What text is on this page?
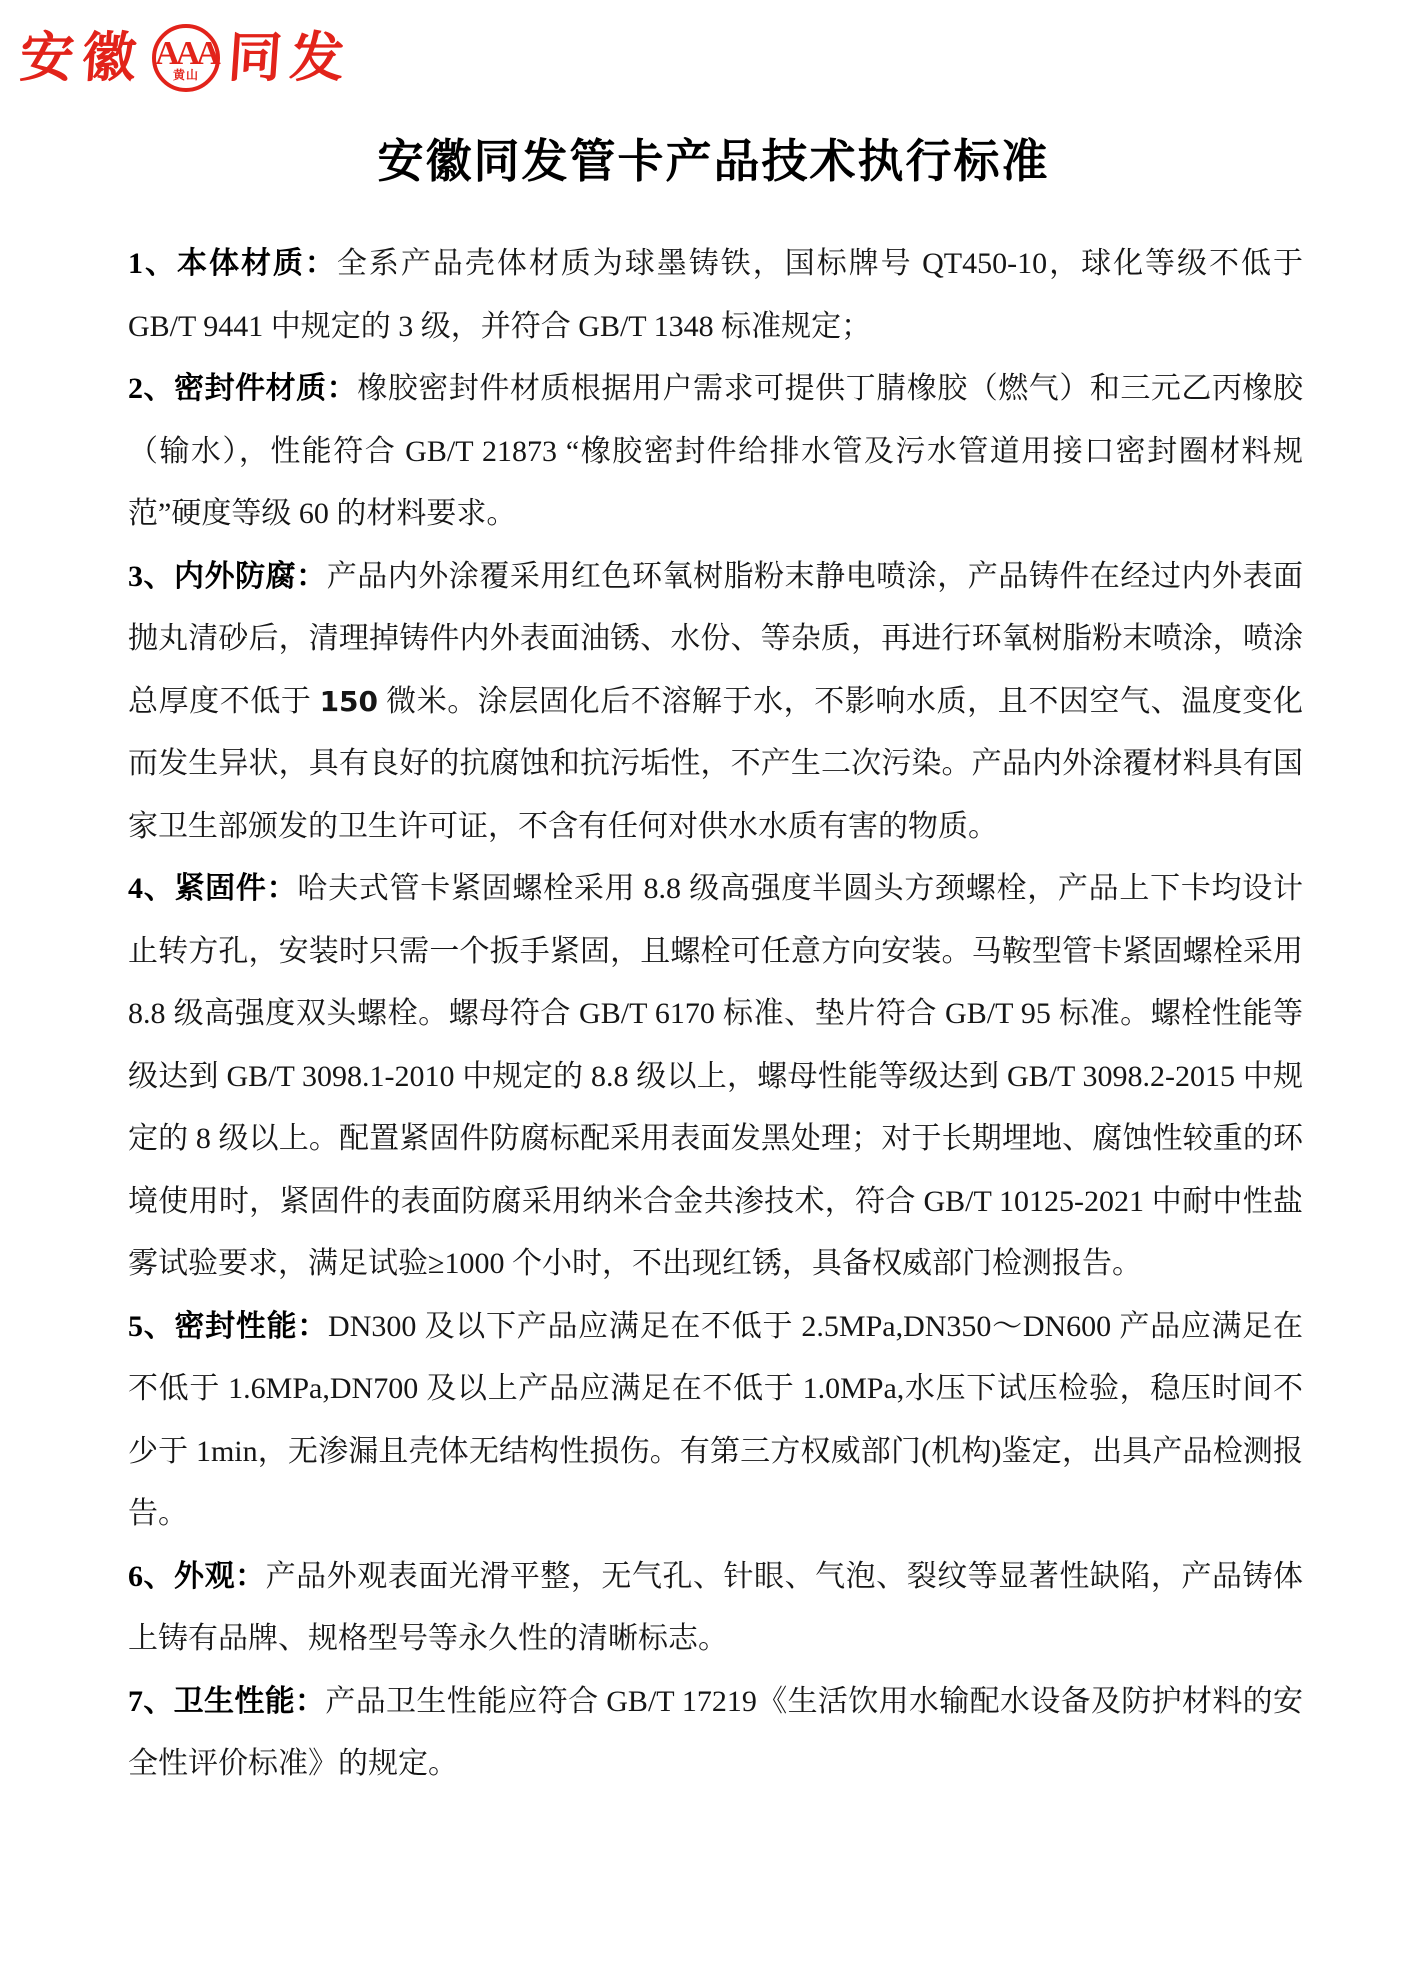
安徽 AAA
黄山 同发
安徽同发管卡产品技术执行标准

1、本体材质：全系产品壳体材质为球墨铸铁，国标牌号 QT450-10，球化等级不低于 GB/T 9441 中规定的 3 级，并符合 GB/T 1348 标准规定；

2、密封件材质：橡胶密封件材质根据用户需求可提供丁腈橡胶（燃气）和三元乙丙橡胶（输水），性能符合 GB/T 21873 “橡胶密封件给排水管及污水管道用接口密封圈材料规范”硬度等级 60 的材料要求。

3、内外防腐：产品内外涂覆采用红色环氧树脂粉末静电喷涂，产品铸件在经过内外表面抛丸清砂后，清理掉铸件内外表面油锈、水份、等杂质，再进行环氧树脂粉末喷涂，喷涂总厚度不低于 150 微米。涂层固化后不溶解于水，不影响水质，且不因空气、温度变化而发生异状，具有良好的抗腐蚀和抗污垢性，不产生二次污染。产品内外涂覆材料具有国家卫生部颁发的卫生许可证，不含有任何对供水水质有害的物质。

4、紧固件：哈夫式管卡紧固螺栓采用 8.8 级高强度半圆头方颈螺栓，产品上下卡均设计止转方孔，安装时只需一个扳手紧固，且螺栓可任意方向安装。马鞍型管卡紧固螺栓采用 8.8 级高强度双头螺栓。螺母符合 GB/T 6170 标准、垫片符合 GB/T 95 标准。螺栓性能等级达到 GB/T 3098.1-2010 中规定的 8.8 级以上，螺母性能等级达到 GB/T 3098.2-2015 中规定的 8 级以上。配置紧固件防腐标配采用表面发黑处理；对于长期埋地、腐蚀性较重的环境使用时，紧固件的表面防腐采用纳米合金共渗技术，符合 GB/T 10125-2021 中耐中性盐雾试验要求，满足试验≥1000 个小时，不出现红锈，具备权威部门检测报告。

5、密封性能：DN300 及以下产品应满足在不低于 2.5MPa,DN350～DN600 产品应满足在不低于 1.6MPa,DN700 及以上产品应满足在不低于 1.0MPa,水压下试压检验，稳压时间不少于 1min，无渗漏且壳体无结构性损伤。有第三方权威部门(机构)鉴定，出具产品检测报告。

6、外观：产品外观表面光滑平整，无气孔、针眼、气泡、裂纹等显著性缺陷，产品铸体上铸有品牌、规格型号等永久性的清晰标志。

7、卫生性能：产品卫生性能应符合 GB/T 17219《生活饮用水输配水设备及防护材料的安全性评价标准》的规定。
